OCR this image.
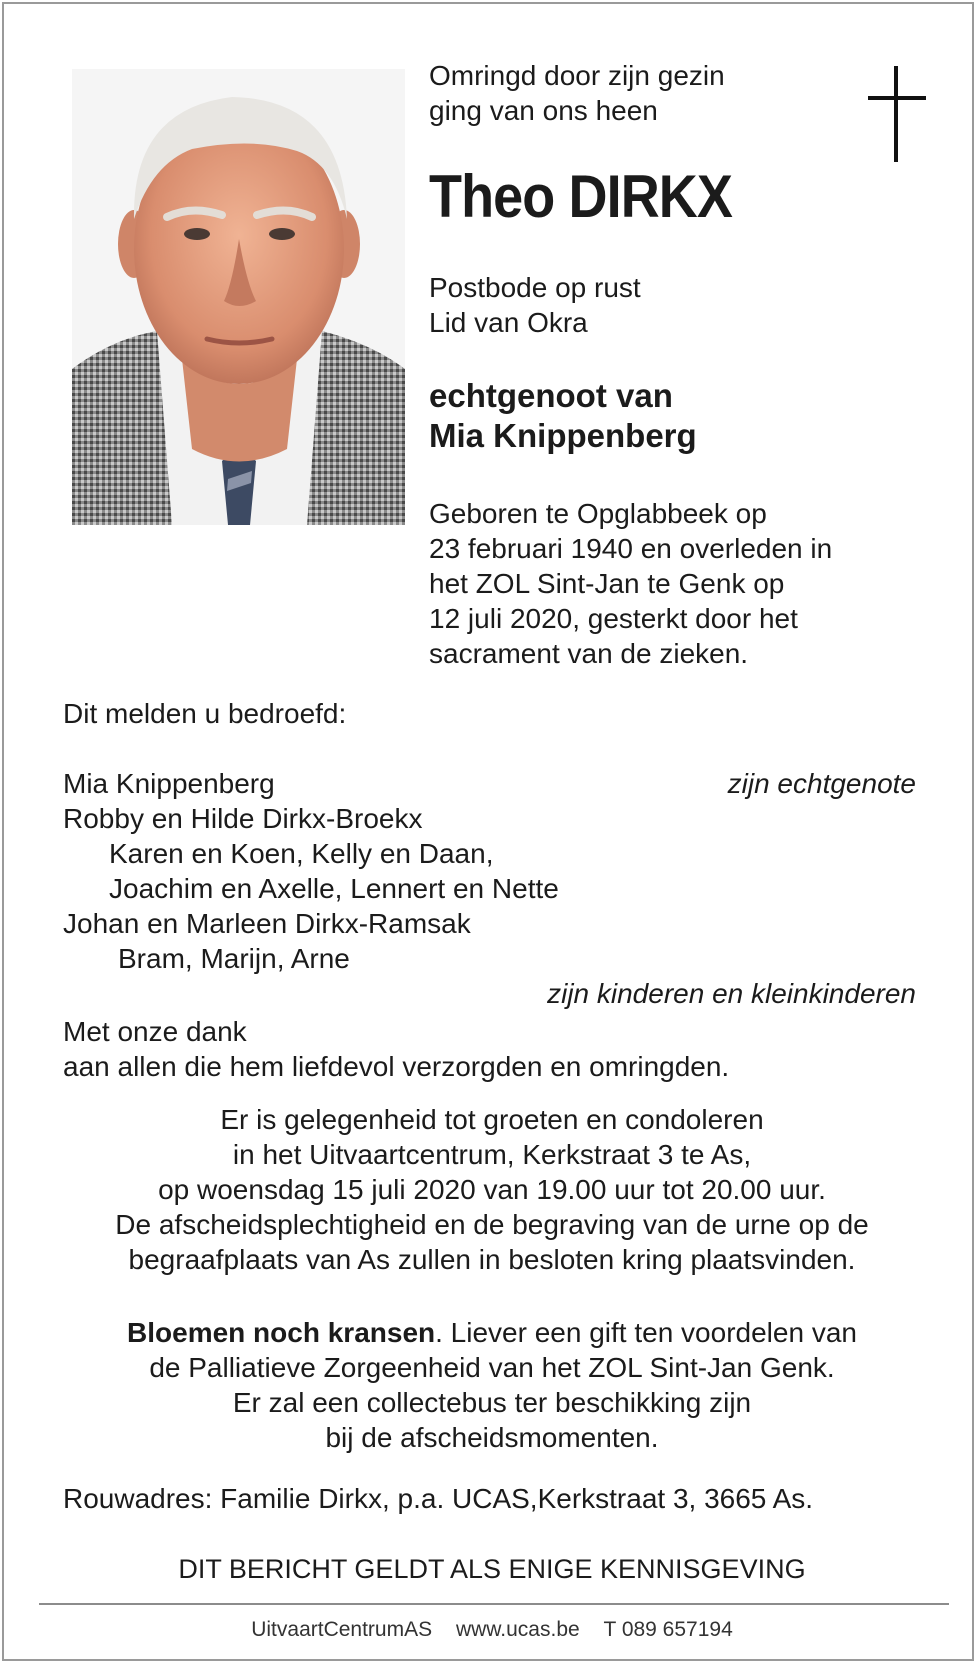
Omringd door zijn gezin
ging van ons heen
Theo DIRKX
Postbode op rust
Lid van Okra
echtgenoot van
Mia Knippenberg
Geboren te Opglabbeek op
23 februari 1940 en overleden in
het ZOL Sint-Jan te Genk op
12 juli 2020, gesterkt door het
sacrament van de zieken.
Dit melden u bedroefd:
Mia Knippenberg	zijn echtgenote
Robby en Hilde Dirkx-Broekx
Karen en Koen, Kelly en Daan,
Joachim en Axelle, Lennert en Nette
Johan en Marleen Dirkx-Ramsak
Bram, Marijn, Arne
zijn kinderen en kleinkinderen
Met onze dank
aan allen die hem liefdevol verzorgden en omringden.
Er is gelegenheid tot groeten en condoleren
in het Uitvaartcentrum, Kerkstraat 3 te As,
op woensdag 15 juli 2020 van 19.00 uur tot 20.00 uur.
De afscheidsplechtigheid en de begraving van de urne op de
begraafplaats van As zullen in besloten kring plaatsvinden.
Bloemen noch kransen. Liever een gift ten voordelen van
de Palliatieve Zorgeenheid van het ZOL Sint-Jan Genk.
Er zal een collectebus ter beschikking zijn
bij de afscheidsmomenten.
Rouwadres: Familie Dirkx, p.a. UCAS,Kerkstraat 3, 3665 As.
DIT BERICHT GELDT ALS ENIGE KENNISGEVING
UitvaartCentrumAS www.ucas.be T 089 657194
